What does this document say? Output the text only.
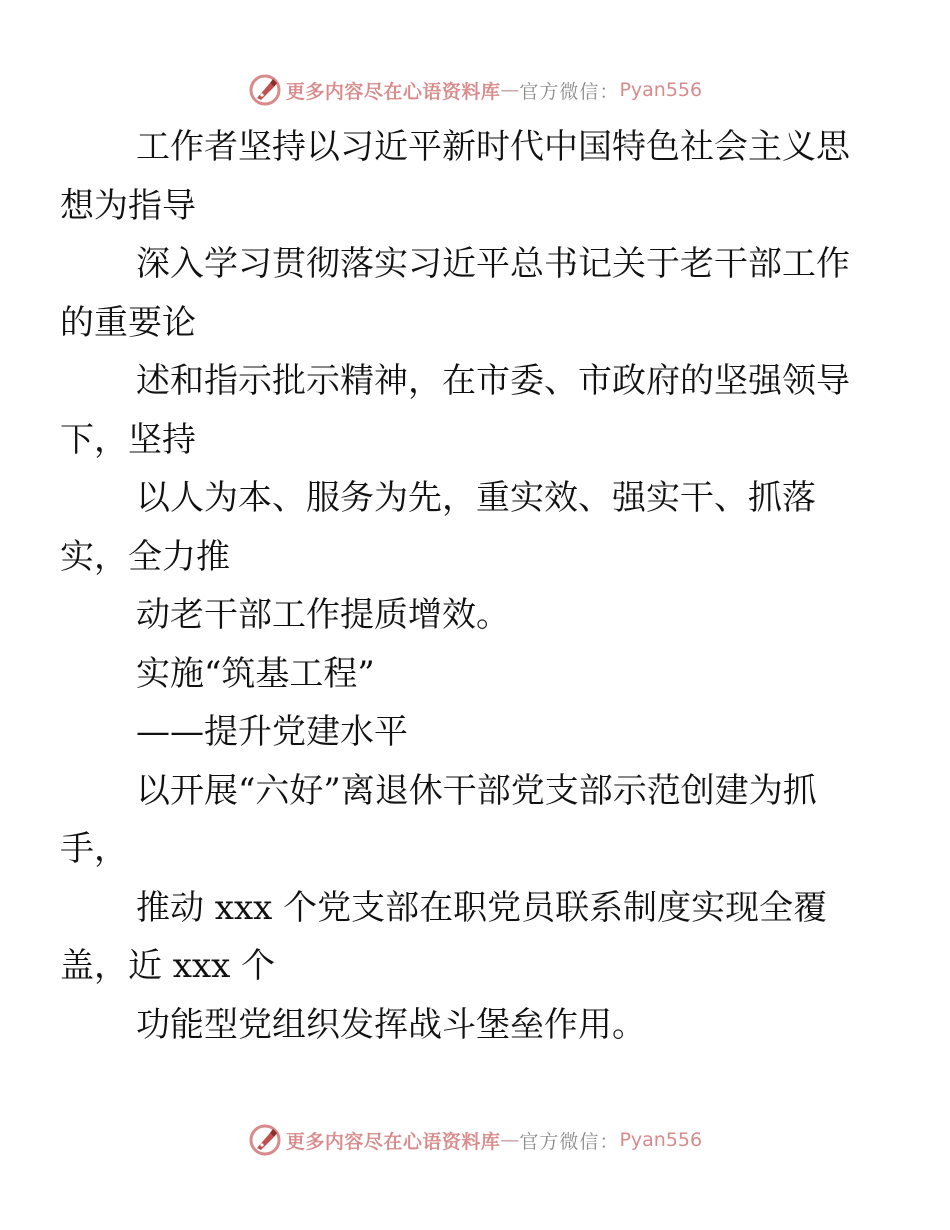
更多内容尽在心语资料库 — 官方微信： Pyan556

工作者坚持以习近平新时代中国特色社会主义思
想为指导

深入学习贯彻落实习近平总书记关于老干部工作
的重要论

述和指示批示精神，在市委、市政府的坚强领导
下，坚持

以人为本、服务为先，重实效、强实干、抓落
实，全力推

动老干部工作提质增效。

实施“筑基工程”

——提升党建水平

以开展“六好”离退休干部党支部示范创建为抓
手，

推动 xxx 个党支部在职党员联系制度实现全覆
盖，近 xxx 个

功能型党组织发挥战斗堡垒作用。

更多内容尽在心语资料库 — 官方微信： Pyan556
